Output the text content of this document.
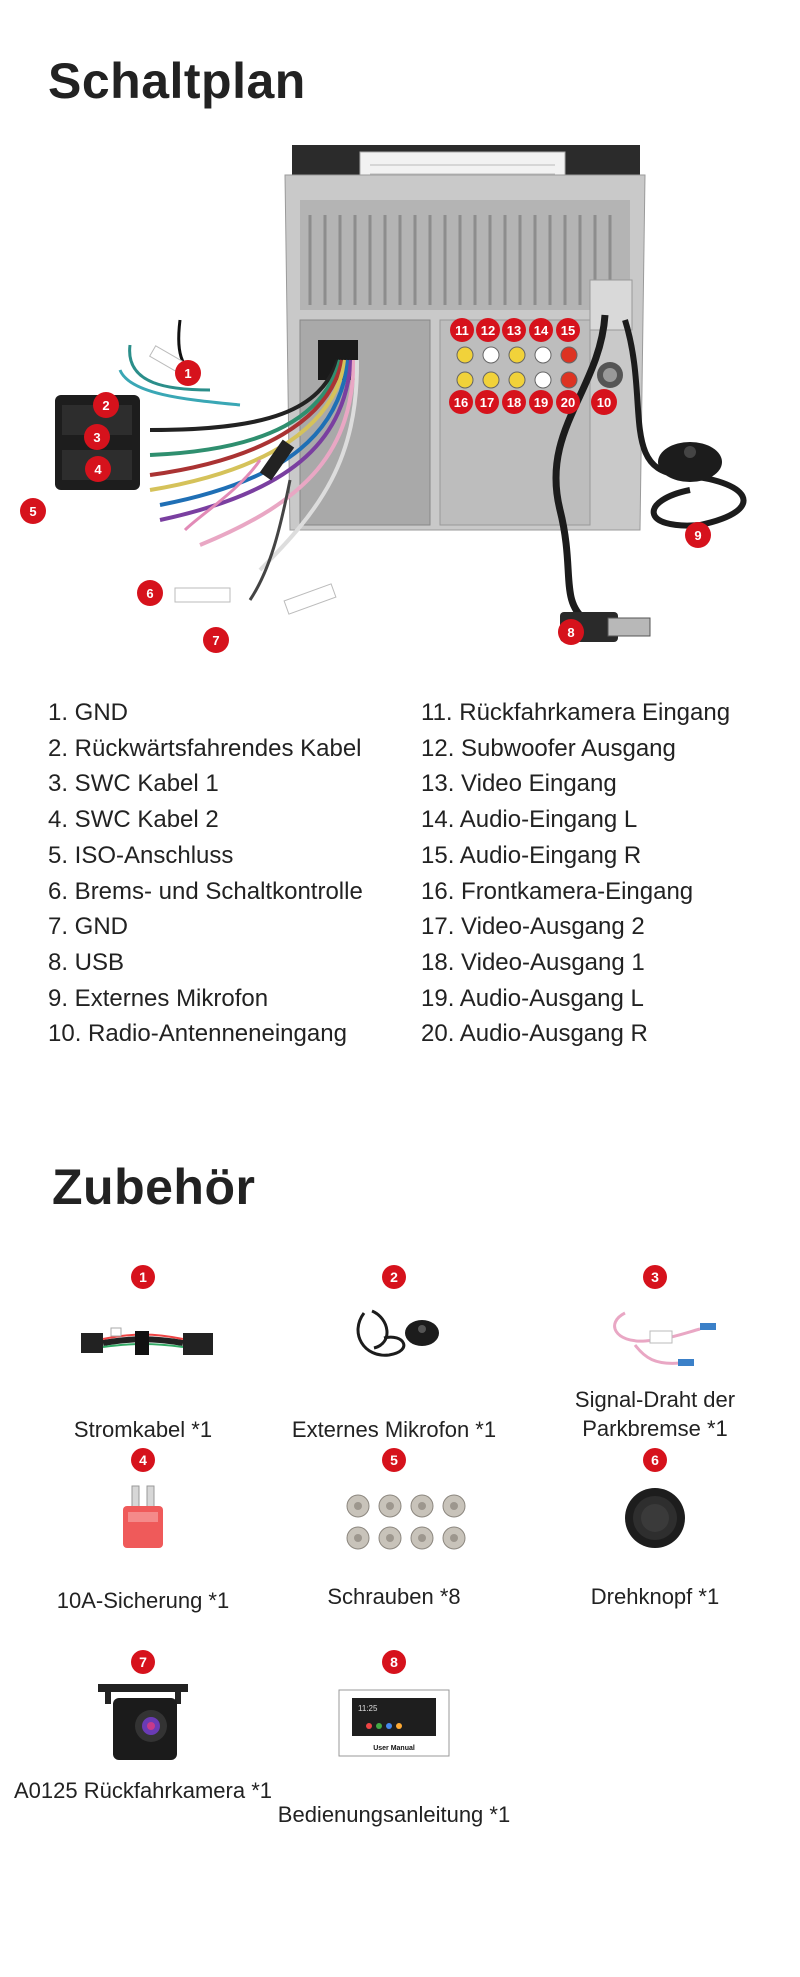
Schaltplan
1
2
3
4
5
6
7
8
9
10
11 12 13 14 15
16 17 18 19 20
1. GND
2. Rückwärtsfahrendes Kabel
3. SWC Kabel 1
4. SWC Kabel 2
5. ISO-Anschluss
6. Brems- und Schaltkontrolle
7. GND
8. USB
9. Externes Mikrofon
10. Radio-Antenneneingang
11. Rückfahrkamera Eingang
12. Subwoofer Ausgang
13. Video Eingang
14. Audio-Eingang L
15. Audio-Eingang R
16. Frontkamera-Eingang
17. Video-Ausgang 2
18. Video-Ausgang 1
19. Audio-Ausgang L
20. Audio-Ausgang R
Zubehör
1
Stromkabel *1
2
Externes Mikrofon *1
3
Signal-Draht der Parkbremse *1
4
10A-Sicherung *1
5
Schrauben *8
6
Drehknopf *1
7
A0125 Rückfahrkamera *1
8
11:25
User Manual
Bedienungsanleitung *1
